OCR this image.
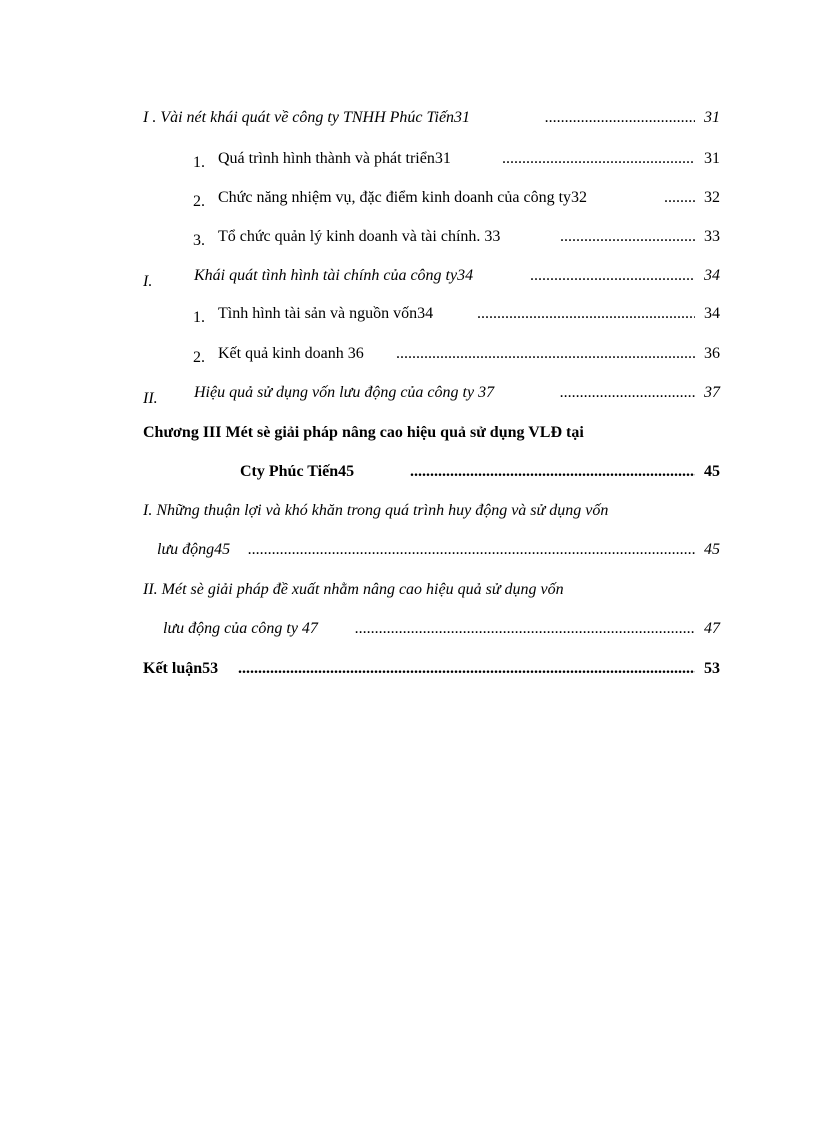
I . Vài nét khái quát về công ty TNHH Phúc Tiến31 .....	31
1. Quá trình hình thành và phát triển31 .....	31
2. Chức năng nhiệm vụ, đặc điểm kinh doanh của công ty32 .....	32
3. Tổ chức quản lý kinh doanh và tài chính. 33 .....	33
I.	Khái quát tình hình tài chính của công ty34 .....	34
1. Tình hình tài sản và nguồn vốn34 .....	34
2. Kết quả kinh doanh 36 .....	36
II. Hiệu quả sử dụng vốn lưu động của công ty 37 .....	37
Chương III Mét sè giải pháp nâng cao hiệu quả sử dụng VLĐ tại
Cty Phúc Tiến45 .....	45
I. Những thuận lợi và khó khăn trong quá trình huy động và sử dụng vốn
lưu động45 .....	45
II. Mét sè giải pháp đề xuất nhằm nâng cao hiệu quả sử dụng vốn
lưu động của công ty 47 .....	47
Kết luận53 .....	53
